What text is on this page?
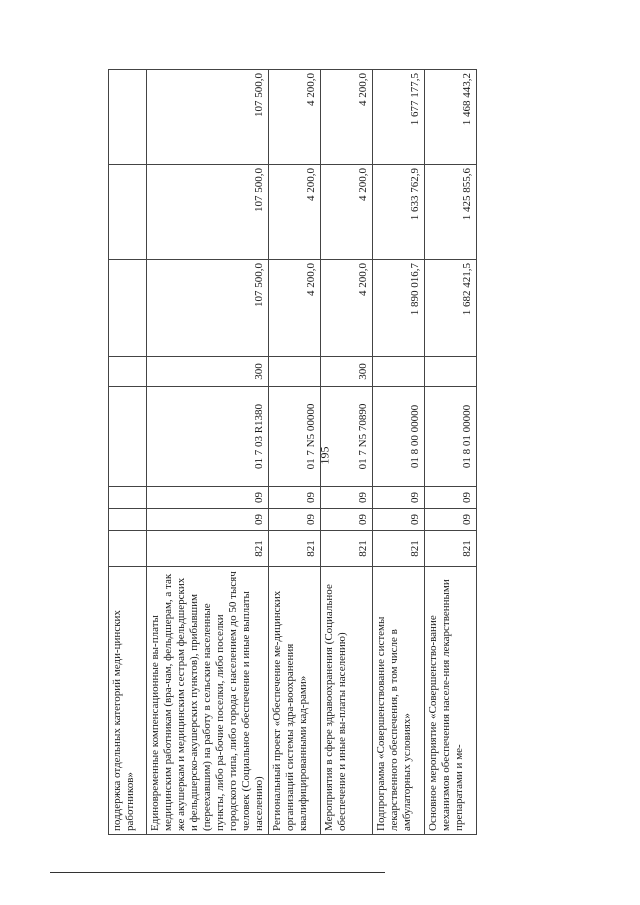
195
поддержка отдельных категорий меди-цинских работников»								
Единовременные компенсационные вы-платы медицинским работникам (вра-чам, фельдшерам, а так же акушеркам и медицинским сестрам фельдшерских и фельдшерско-акушерских пунктов), прибывшим (переехавшим) на работу в сельские населенные пункты, либо ра-бочие поселки, либо поселки городского типа, либо города с населением до 50 тысяч человек (Социальное обеспечение и иные выплаты населению)	821	09	09	01 7 03 R1380	300	107 500,0	107 500,0	107 500,0
Региональный проект «Обеспечение ме-дицинских организаций системы здра-воохранения квалифицированными кад-рами»	821	09	09	01 7 N5 00000		4 200,0	4 200,0	4 200,0
Мероприятия в сфере здравоохранения (Социальное обеспечение и иные вы-платы населению)	821	09	09	01 7 N5 70890	300	4 200,0	4 200,0	4 200,0
Подпрограмма «Совершенствование системы лекарственного обеспечения, в том числе в амбулаторных условиях»	821	09	09	01 8 00 00000		1 890 016,7	1 633 762,9	1 677 177,5
Основное мероприятие «Совершенство-вание механизмов обеспечения населе-ния лекарственными препаратами и ме-	821	09	09	01 8 01 00000		1 682 421,5	1 425 855,6	1 468 443,2
